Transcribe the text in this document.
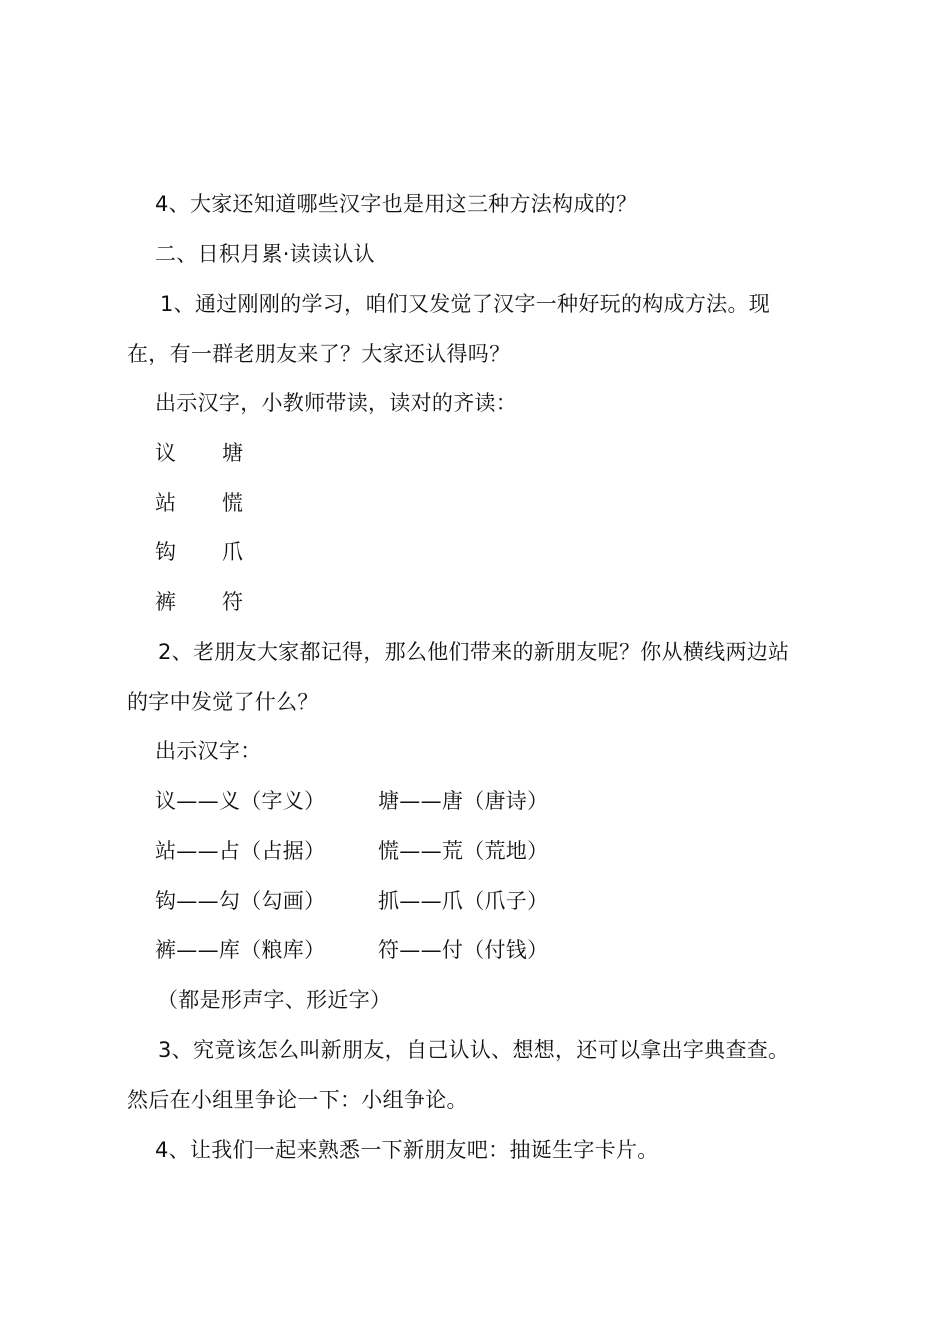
4、大家还知道哪些汉字也是用这三种方法构成的？
二、日积月累·读读认认
1、通过刚刚的学习，咱们又发觉了汉字一种好玩的构成方法。现
在，有一群老朋友来了？大家还认得吗？
出示汉字，小教师带读，读对的齐读：
议 塘
站 慌
钩 爪
裤 符
2、老朋友大家都记得，那么他们带来的新朋友呢？你从横线两边站
的字中发觉了什么？
出示汉字：
议——义（字义）	塘——唐（唐诗）
站——占（占据）	慌——荒（荒地）
钩——勾（勾画）	抓——爪（爪子）
裤——库（粮库）	符——付（付钱）
（都是形声字、形近字）
3、究竟该怎么叫新朋友，自己认认、想想，还可以拿出字典查查。
然后在小组里争论一下：小组争论。
4、让我们一起来熟悉一下新朋友吧：抽诞生字卡片。
